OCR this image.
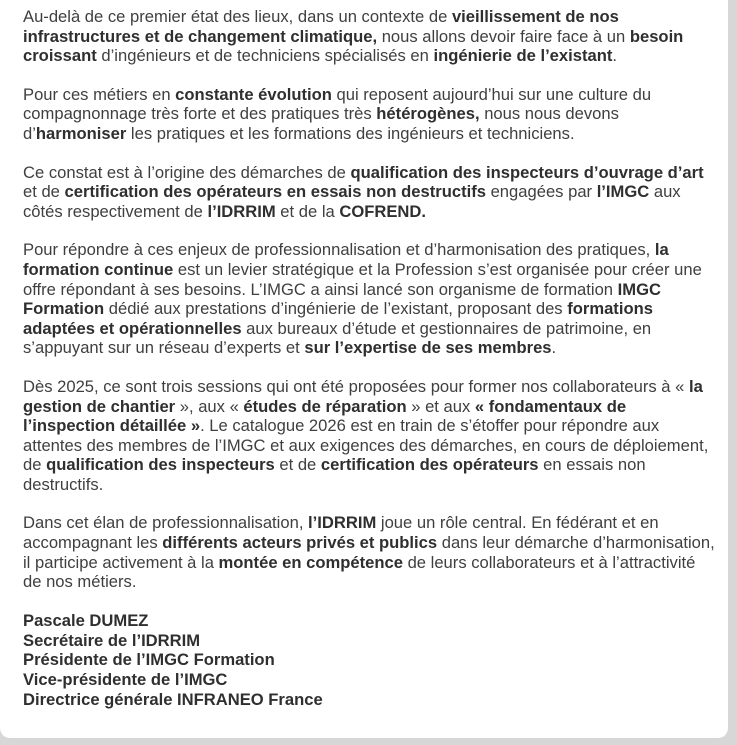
Au-delà de ce premier état des lieux, dans un contexte de vieillissement de nos infrastructures et de changement climatique, nous allons devoir faire face à un besoin croissant d’ingénieurs et de techniciens spécialisés en ingénierie de l’existant.

Pour ces métiers en constante évolution qui reposent aujourd’hui sur une culture du compagnonnage très forte et des pratiques très hétérogènes, nous nous devons d’harmoniser les pratiques et les formations des ingénieurs et techniciens.

Ce constat est à l’origine des démarches de qualification des inspecteurs d’ouvrage d’art et de certification des opérateurs en essais non destructifs engagées par l’IMGC aux côtés respectivement de l’IDRRIM et de la COFREND.

Pour répondre à ces enjeux de professionnalisation et d’harmonisation des pratiques, la formation continue est un levier stratégique et la Profession s’est organisée pour créer une offre répondant à ses besoins. L’IMGC a ainsi lancé son organisme de formation IMGC Formation dédié aux prestations d’ingénierie de l’existant, proposant des formations adaptées et opérationnelles aux bureaux d’étude et gestionnaires de patrimoine, en s’appuyant sur un réseau d’experts et sur l’expertise de ses membres.

Dès 2025, ce sont trois sessions qui ont été proposées pour former nos collaborateurs à « la gestion de chantier », aux « études de réparation » et aux « fondamentaux de l’inspection détaillée ». Le catalogue 2026 est en train de s’étoffer pour répondre aux attentes des membres de l’IMGC et aux exigences des démarches, en cours de déploiement, de qualification des inspecteurs et de certification des opérateurs en essais non destructifs.

Dans cet élan de professionnalisation, l’IDRRIM joue un rôle central. En fédérant et en accompagnant les différents acteurs privés et publics dans leur démarche d’harmonisation, il participe activement à la montée en compétence de leurs collaborateurs et à l’attractivité de nos métiers.

Pascale DUMEZ
Secrétaire de l’IDRRIM
Présidente de l’IMGC Formation
Vice-présidente de l’IMGC
Directrice générale INFRANEO France
